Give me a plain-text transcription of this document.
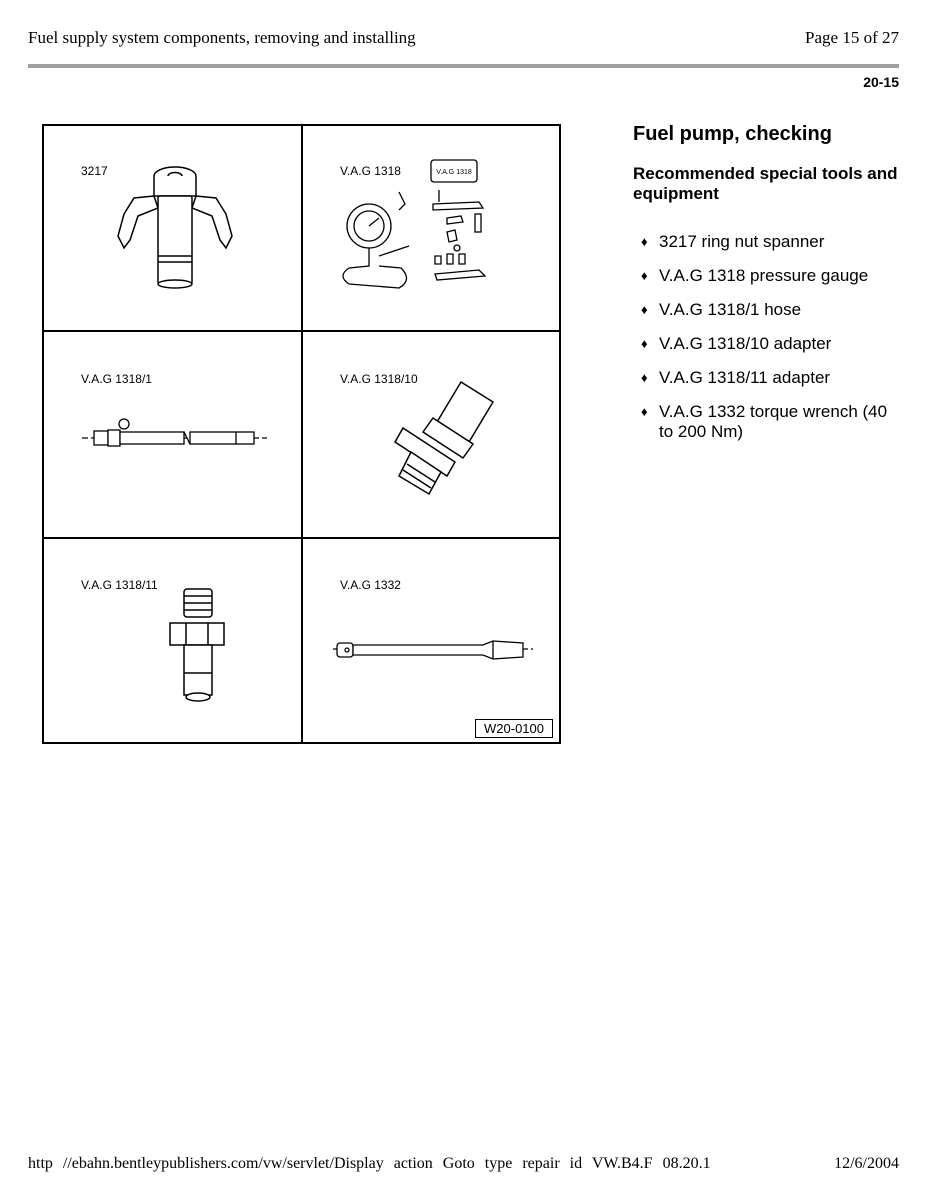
Fuel supply system components, removing and installing	Page 15 of 27
20-15
3217	V.A.G 1318	V.A.G 1318
V.A.G 1318/1	V.A.G 1318/10
V.A.G 1318/11	V.A.G 1332
W20-0100
Fuel pump, checking
Recommended special tools and equipment
♦ 3217 ring nut spanner
♦ V.A.G 1318 pressure gauge
♦ V.A.G 1318/1 hose
♦ V.A.G 1318/10 adapter
♦ V.A.G 1318/11 adapter
♦ V.A.G 1332 torque wrench (40 to 200 Nm)
http //ebahn.bentleypublishers.com/vw/servlet/Display action Goto type repair id VW.B4.F 08.20.1	12/6/2004
